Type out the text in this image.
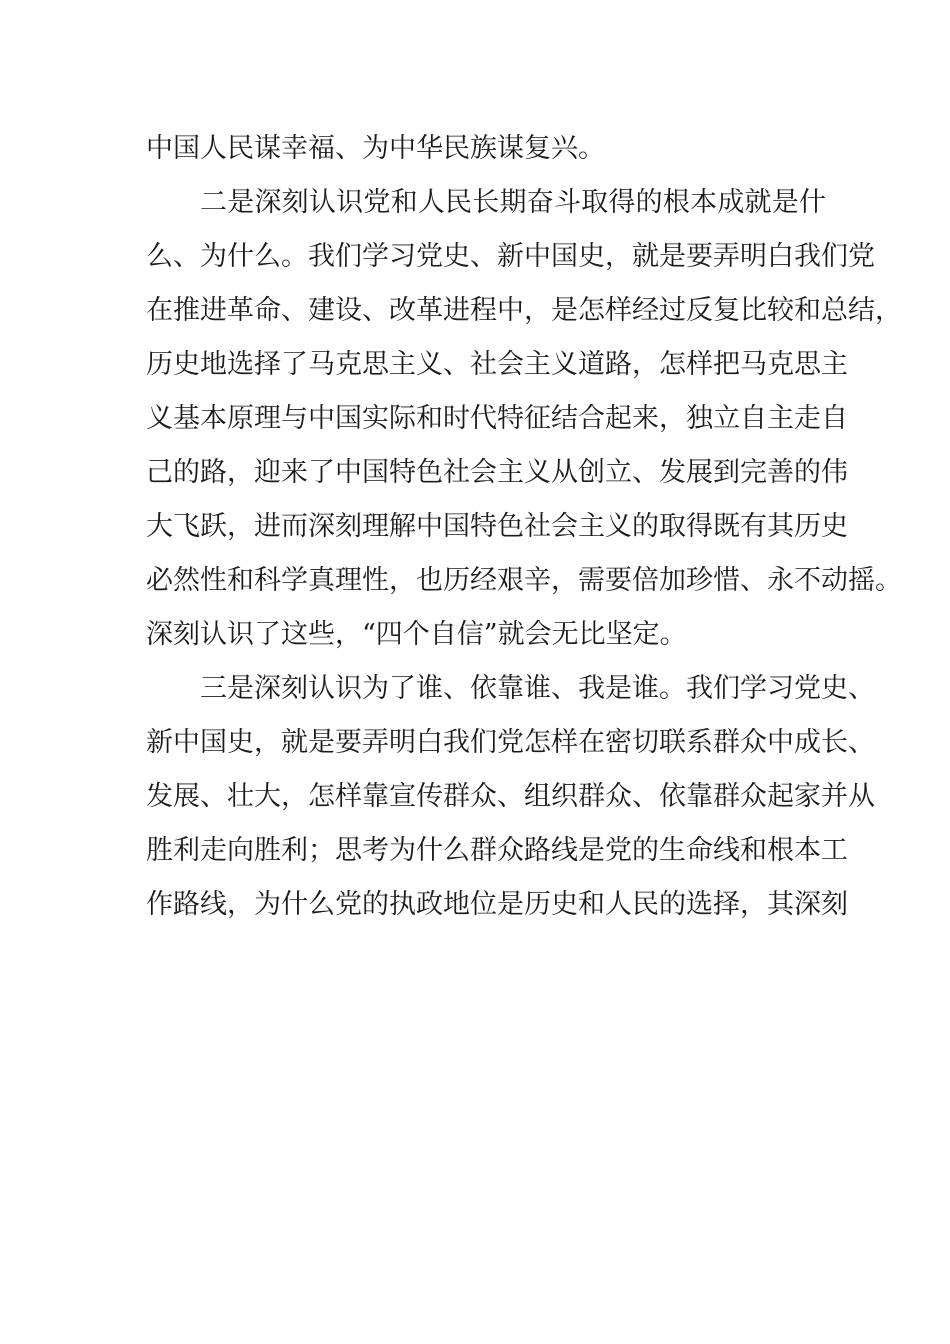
中国人民谋幸福、为中华民族谋复兴。
二是深刻认识党和人民长期奋斗取得的根本成就是什
么、为什么。我们学习党史、新中国史，就是要弄明白我们党
在推进革命、建设、改革进程中，是怎样经过反复比较和总结，
历史地选择了马克思主义、社会主义道路，怎样把马克思主
义基本原理与中国实际和时代特征结合起来，独立自主走自
己的路，迎来了中国特色社会主义从创立、发展到完善的伟
大飞跃，进而深刻理解中国特色社会主义的取得既有其历史
必然性和科学真理性，也历经艰辛，需要倍加珍惜、永不动摇。
深刻认识了这些，“四个自信”就会无比坚定。
三是深刻认识为了谁、依靠谁、我是谁。我们学习党史、
新中国史，就是要弄明白我们党怎样在密切联系群众中成长、
发展、壮大，怎样靠宣传群众、组织群众、依靠群众起家并从
胜利走向胜利；思考为什么群众路线是党的生命线和根本工
作路线，为什么党的执政地位是历史和人民的选择，其深刻
